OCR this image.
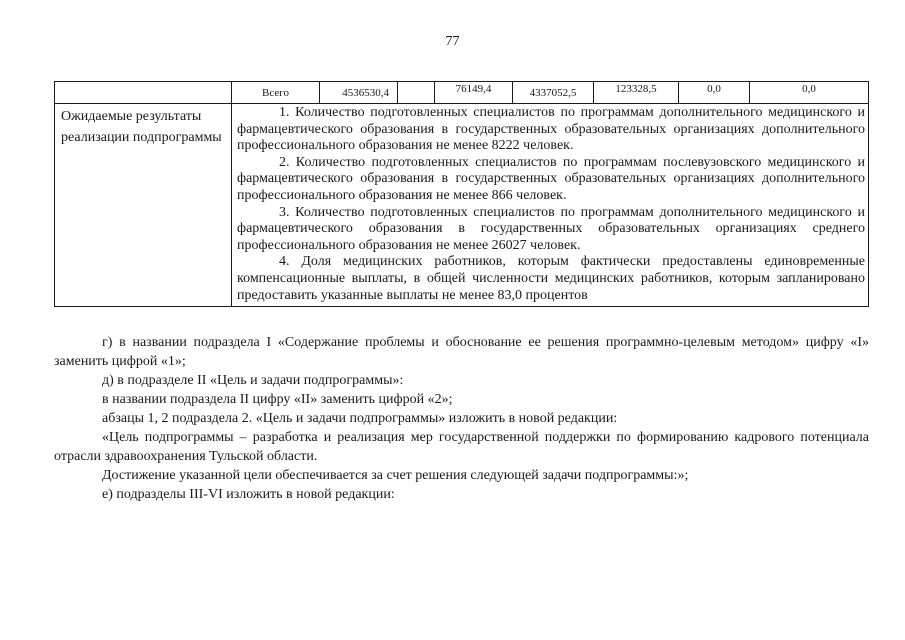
77
	Всего	4536530,4		76149,4	4337052,5	123328,5	0,0	0,0
Ожидаемые результаты реализации подпрограммы	1. Количество подготовленных специалистов по программам дополнительного медицинского и фармацевтического образования в государственных образовательных организациях дополнительного профессионального образования не менее 8222 человек.

2. Количество подготовленных специалистов по программам послевузовского медицинского и фармацевтического образования в государственных образовательных организациях дополнительного профессионального образования не менее 866 человек.

3. Количество подготовленных специалистов по программам дополнительного медицинского и фармацевтического образования в государственных образовательных организациях среднего профессионального образования не менее 26027 человек.

4. Доля медицинских работников, которым фактически предоставлены единовременные компенсационные выплаты, в общей численности медицинских работников, которым запланировано предоставить указанные выплаты не менее 83,0 процентов							

г) в названии подраздела I «Содержание проблемы и обоснование ее решения программно-целевым методом» цифру «I» заменить цифрой «1»;

д) в подразделе II «Цель и задачи подпрограммы»:

в названии подраздела II цифру «II» заменить цифрой «2»;

абзацы 1, 2 подраздела 2. «Цель и задачи подпрограммы» изложить в новой редакции:

«Цель подпрограммы – разработка и реализация мер государственной поддержки по формированию кадрового потенциала отрасли здравоохранения Тульской области.

Достижение указанной цели обеспечивается за счет решения следующей задачи подпрограммы:»;

е) подразделы III-VI изложить в новой редакции:
